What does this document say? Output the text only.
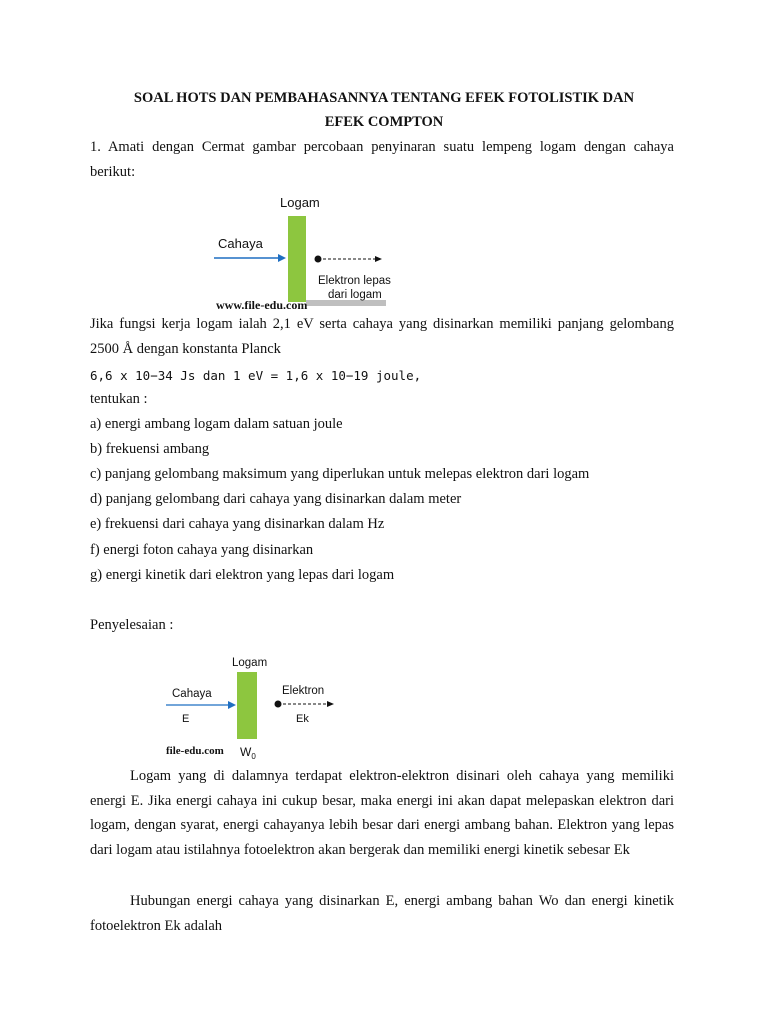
SOAL HOTS DAN PEMBAHASANNYA TENTANG EFEK FOTOLISTIK DAN
EFEK COMPTON
1. Amati dengan Cermat gambar percobaan penyinaran suatu lempeng logam dengan cahaya berikut:
Logam
Cahaya
Elektron lepas
dari logam
www.file-edu.com
Jika fungsi kerja logam ialah 2,1 eV serta cahaya yang disinarkan memiliki panjang gelombang 2500 Å dengan konstanta Planck
6,6 x 10−34 Js dan 1 eV = 1,6 x 10−19 joule,
tentukan :
a) energi ambang logam dalam satuan joule
b) frekuensi ambang
c) panjang gelombang maksimum yang diperlukan untuk melepas elektron dari logam
d) panjang gelombang dari cahaya yang disinarkan dalam meter
e) frekuensi dari cahaya yang disinarkan dalam Hz
f) energi foton cahaya yang disinarkan
g) energi kinetik dari elektron yang lepas dari logam
Penyelesaian :
Logam
Cahaya
E
Elektron
Ek
file-edu.com $W_0$
Logam yang di dalamnya terdapat elektron-elektron disinari oleh cahaya yang memiliki energi E. Jika energi cahaya ini cukup besar, maka energi ini akan dapat melepaskan elektron dari logam, dengan syarat, energi cahayanya lebih besar dari energi ambang bahan. Elektron yang lepas dari logam atau istilahnya fotoelektron akan bergerak dan memiliki energi kinetik sebesar Ek
Hubungan energi cahaya yang disinarkan E, energi ambang bahan Wo dan energi kinetik fotoelektron Ek adalah
